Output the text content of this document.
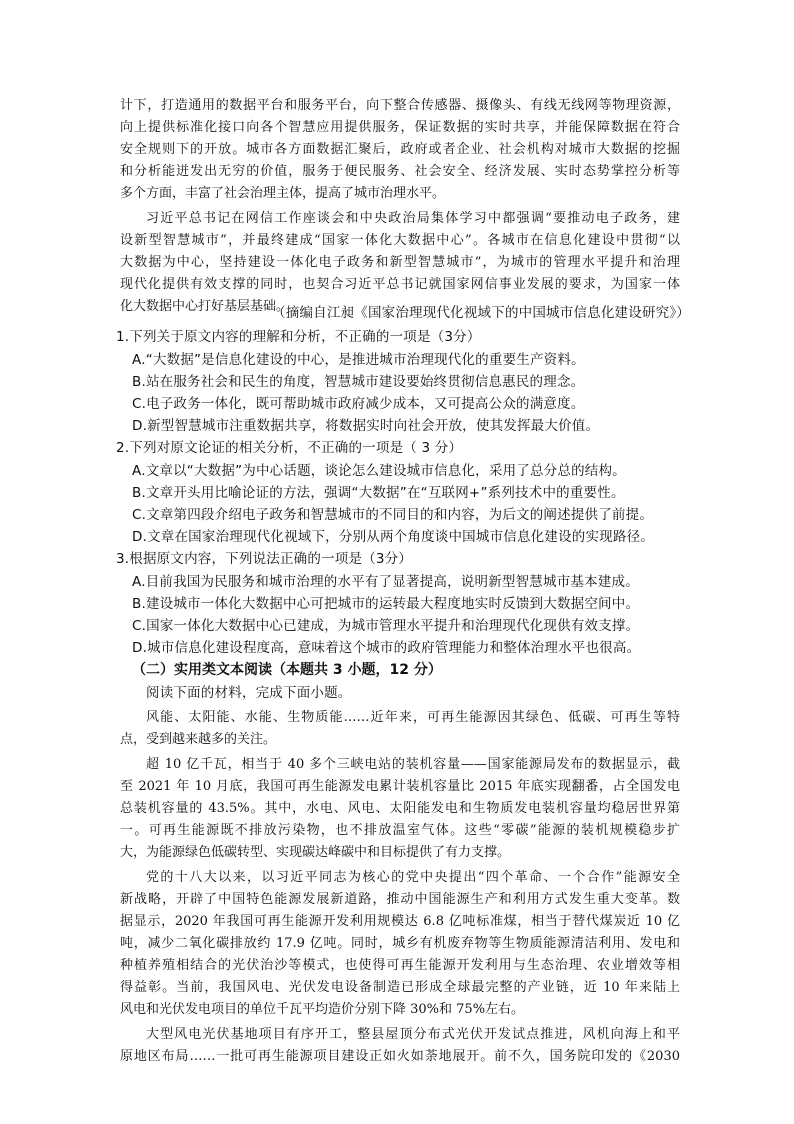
计下，打造通用的数据平台和服务平台，向下整合传感器、摄像头、有线无线网等物理资源，
向上提供标准化接口向各个智慧应用提供服务，保证数据的实时共享，并能保障数据在符合
安全规则下的开放。城市各方面数据汇聚后，政府或者企业、社会机构对城市大数据的挖掘
和分析能迸发出无穷的价值，服务于便民服务、社会安全、经济发展、实时态势掌控分析等
多个方面，丰富了社会治理主体，提高了城市治理水平。
习近平总书记在网信工作座谈会和中央政治局集体学习中都强调“要推动电子政务，建
设新型智慧城市”，并最终建成“国家一体化大数据中心”。各城市在信息化建设中贯彻“以
大数据为中心，坚持建设一体化电子政务和新型智慧城市”，为城市的管理水平提升和治理
现代化提供有效支撑的同时，也契合习近平总书记就国家网信事业发展的要求，为国家一体
化大数据中心打好基层基础。
（摘编自江昶《国家治理现代化视域下的中国城市信息化建设研究》）
1.下列关于原文内容的理解和分析，不正确的一项是（3分）
A.“大数据”是信息化建设的中心，是推进城市治理现代化的重要生产资料。
B.站在服务社会和民生的角度，智慧城市建设要始终贯彻信息惠民的理念。
C.电子政务一体化，既可帮助城市政府减少成本，又可提高公众的满意度。
D.新型智慧城市注重数据共享，将数据实时向社会开放，使其发挥最大价值。
2.下列对原文论证的相关分析，不正确的一项是（ 3 分）
A.文章以“大数据”为中心话题，谈论怎么建设城市信息化，采用了总分总的结构。
B.文章开头用比喻论证的方法，强调“大数据”在“互联网+”系列技术中的重要性。
C.文章第四段介绍电子政务和智慧城市的不同目的和内容，为后文的阐述提供了前提。
D.文章在国家治理现代化视域下，分别从两个角度谈中国城市信息化建设的实现路径。
3.根据原文内容，下列说法正确的一项是（3分）
A.目前我国为民服务和城市治理的水平有了显著提高，说明新型智慧城市基本建成。
B.建设城市一体化大数据中心可把城市的运转最大程度地实时反馈到大数据空间中。
C.国家一体化大数据中心已建成，为城市管理水平提升和治理现代化现供有效支撑。
D.城市信息化建设程度高，意味着这个城市的政府管理能力和整体治理水平也很高。
（二）实用类文本阅读（本题共 3 小题，12 分）
阅读下面的材料，完成下面小题。
风能、太阳能、水能、生物质能……近年来，可再生能源因其绿色、低碳、可再生等特
点，受到越来越多的关注。
超 10 亿千瓦，相当于 40 多个三峡电站的装机容量——国家能源局发布的数据显示，截
至 2021 年 10 月底，我国可再生能源发电累计装机容量比 2015 年底实现翻番，占全国发电
总装机容量的 43.5%。其中，水电、风电、太阳能发电和生物质发电装机容量均稳居世界第
一。可再生能源既不排放污染物，也不排放温室气体。这些“零碳”能源的装机规模稳步扩
大，为能源绿色低碳转型、实现碳达峰碳中和目标提供了有力支撑。
党的十八大以来，以习近平同志为核心的党中央提出“四个革命、一个合作”能源安全
新战略，开辟了中国特色能源发展新道路，推动中国能源生产和利用方式发生重大变革。数
据显示，2020 年我国可再生能源开发利用规模达 6.8 亿吨标准煤，相当于替代煤炭近 10 亿
吨，减少二氧化碳排放约 17.9 亿吨。同时，城乡有机废弃物等生物质能源清洁利用、发电和
种植养殖相结合的光伏治沙等模式，也使得可再生能源开发利用与生态治理、农业增效等相
得益彰。当前，我国风电、光伏发电设备制造已形成全球最完整的产业链，近 10 年来陆上
风电和光伏发电项目的单位千瓦平均造价分别下降 30%和 75%左右。
大型风电光伏基地项目有序开工，整县屋顶分布式光伏开发试点推进，风机向海上和平
原地区布局……一批可再生能源项目建设正如火如荼地展开。前不久，国务院印发的《2030
